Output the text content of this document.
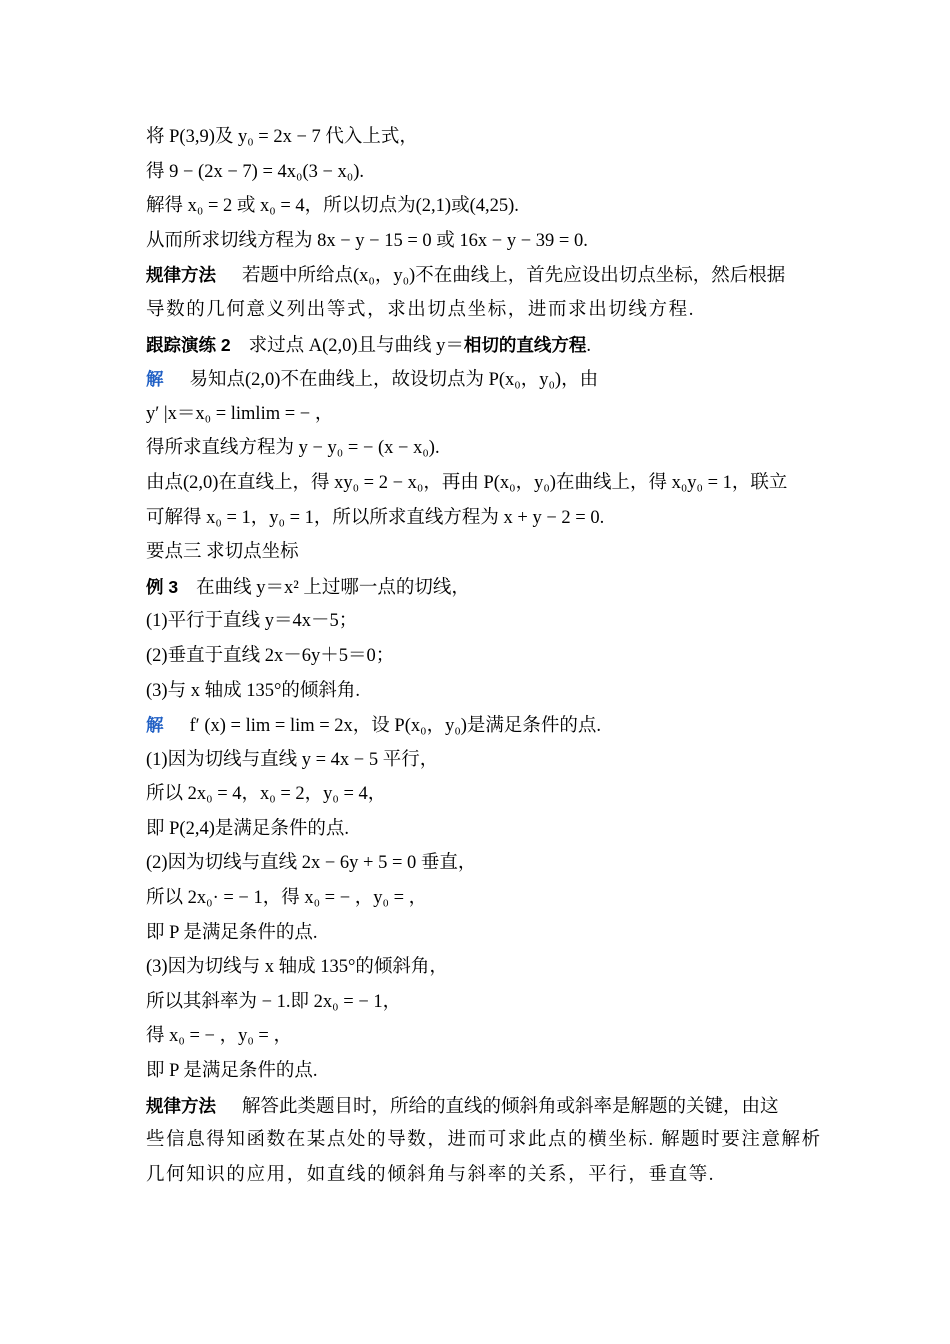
将 P(3,9)及 y₀ = 2x − 7 代入上式，
得 9 − (2x − 7) = 4x₀(3 − x₀).
解得 x₀ = 2 或 x₀ = 4，所以切点为(2,1)或(4,25).
从而所求切线方程为 8x − y − 15 = 0 或 16x − y − 39 = 0.
规律方法 若题中所给点(x₀，y₀)不在曲线上，首先应设出切点坐标，然后根据
导数的几何意义列出等式，求出切点坐标，进而求出切线方程.
跟踪演练 2 求过点 A(2,0)且与曲线 y＝相切的直线方程.
解 易知点(2,0)不在曲线上，故设切点为 P(x₀，y₀)，由
y′ |x＝x₀ = limlim = − ，
得所求直线方程为 y − y₀ = − (x − x₀).
由点(2,0)在直线上，得 xy₀ = 2 − x₀，再由 P(x₀，y₀)在曲线上，得 x₀y₀ = 1，联立
可解得 x₀ = 1，y₀ = 1，所以所求直线方程为 x + y − 2 = 0.
要点三 求切点坐标
例 3 在曲线 y＝x² 上过哪一点的切线，
(1)平行于直线 y＝4x－5；
(2)垂直于直线 2x－6y＋5＝0；
(3)与 x 轴成 135°的倾斜角.
解 f′ (x) = lim = lim = 2x，设 P(x₀，y₀)是满足条件的点.
(1)因为切线与直线 y = 4x − 5 平行，
所以 2x₀ = 4，x₀ = 2，y₀ = 4，
即 P(2,4)是满足条件的点.
(2)因为切线与直线 2x − 6y + 5 = 0 垂直，
所以 2x₀· = − 1，得 x₀ = − ，y₀ = ，
即 P 是满足条件的点.
(3)因为切线与 x 轴成 135°的倾斜角，
所以其斜率为 − 1.即 2x₀ = − 1，
得 x₀ = − ，y₀ = ，
即 P 是满足条件的点.
规律方法 解答此类题目时，所给的直线的倾斜角或斜率是解题的关键，由这
些信息得知函数在某点处的导数，进而可求此点的横坐标. 解题时要注意解析
几何知识的应用，如直线的倾斜角与斜率的关系，平行，垂直等.
